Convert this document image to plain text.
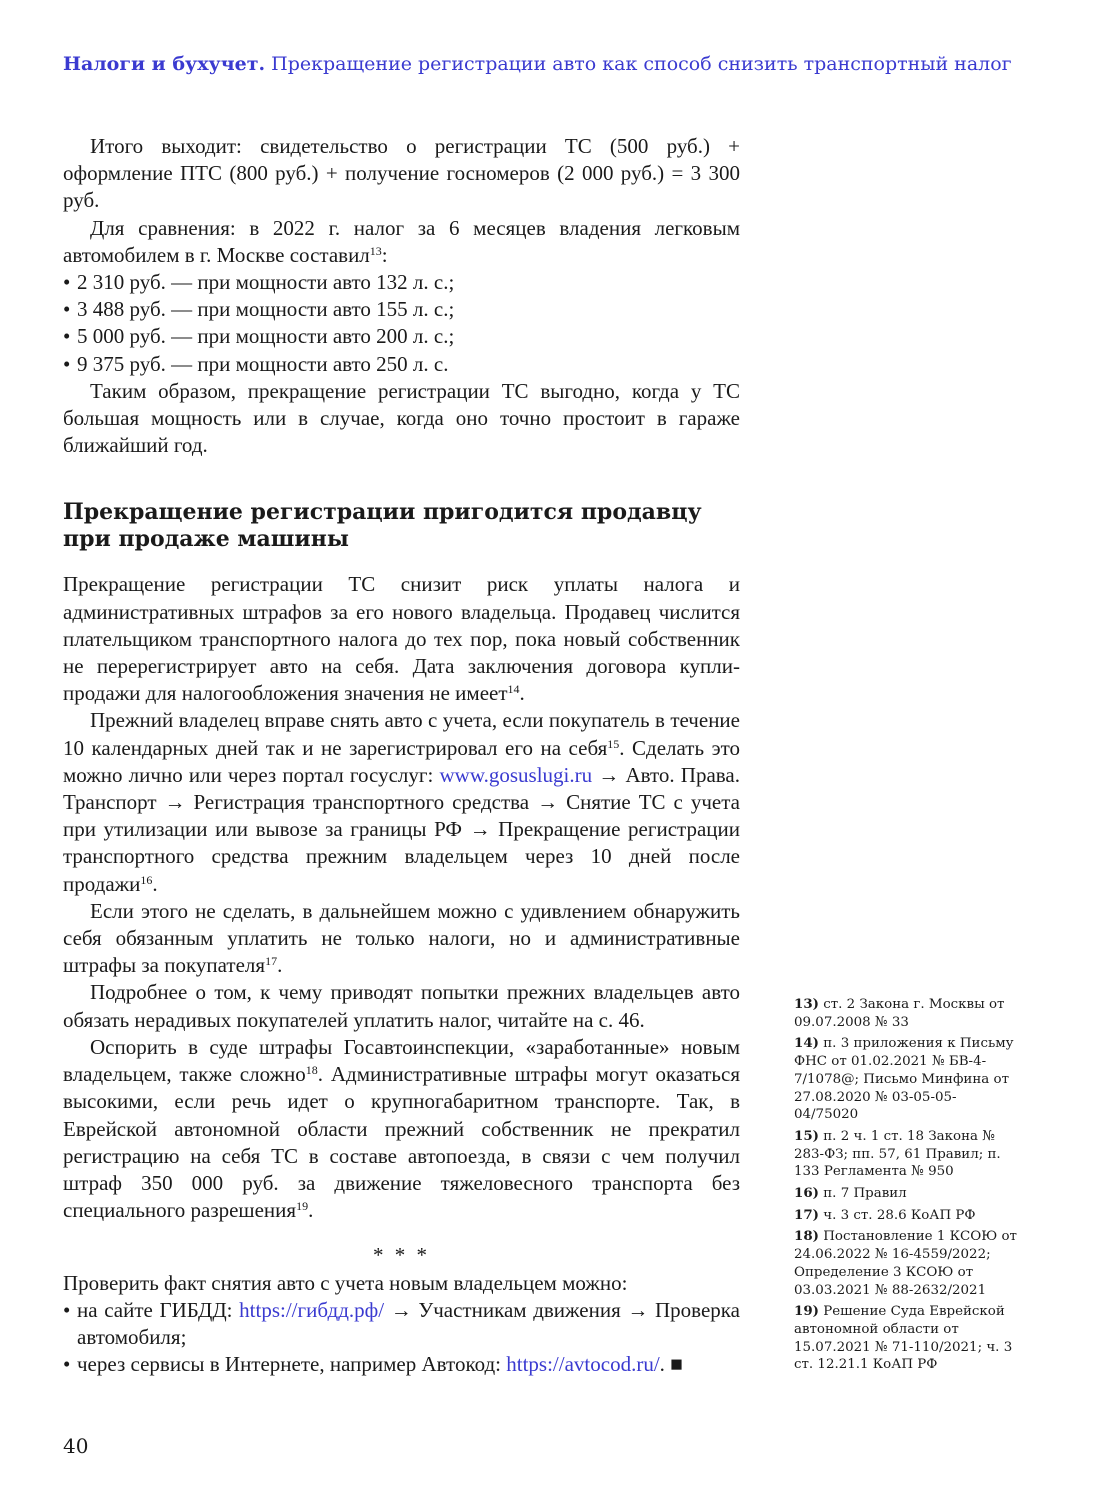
Налоги и бухучет. Прекращение регистрации авто как способ снизить транспортный налог

Итого выходит: свидетельство о регистрации ТС (500 руб.) + оформление ПТС (800 руб.) + получение госномеров (2 000 руб.) = 3 300 руб.

Для сравнения: в 2022 г. налог за 6 месяцев владения легковым автомобилем в г. Москве составил$^{13}$:

• 2 310 руб. — при мощности авто 132 л. с.;
• 3 488 руб. — при мощности авто 155 л. с.;
• 5 000 руб. — при мощности авто 200 л. с.;
• 9 375 руб. — при мощности авто 250 л. с.

Таким образом, прекращение регистрации ТС выгодно, когда у ТС большая мощность или в случае, когда оно точно простоит в гараже ближайший год.

Прекращение регистрации пригодится продавцу при продаже машины

Прекращение регистрации ТС снизит риск уплаты налога и административных штрафов за его нового владельца. Продавец числится плательщиком транспортного налога до тех пор, пока новый собственник не перерегистрирует авто на себя. Дата заключения договора купли-продажи для налогообложения значения не имеет$^{14}$.

Прежний владелец вправе снять авто с учета, если покупатель в течение 10 календарных дней так и не зарегистрировал его на себя$^{15}$. Сделать это можно лично или через портал госуслуг: www.gosuslugi.ru → Авто. Права. Транспорт → Регистрация транспортного средства → Снятие ТС с учета при утилизации или вывозе за границы РФ → Прекращение регистрации транспортного средства прежним владельцем через 10 дней после продажи$^{16}$.

Если этого не сделать, в дальнейшем можно с удивлением обнаружить себя обязанным уплатить не только налоги, но и административные штрафы за покупателя$^{17}$.

Подробнее о том, к чему приводят попытки прежних владельцев авто обязать нерадивых покупателей уплатить налог, читайте на с. 46.

Оспорить в суде штрафы Госавтоинспекции, «заработанные» новым владельцем, также сложно$^{18}$. Административные штрафы могут оказаться высокими, если речь идет о крупногабаритном транспорте. Так, в Еврейской автономной области прежний собственник не прекратил регистрацию на себя ТС в составе автопоезда, в связи с чем получил штраф 350 000 руб. за движение тяжеловесного транспорта без специального разрешения$^{19}$.

* * *

Проверить факт снятия авто с учета новым владельцем можно:

• на сайте ГИБДД: https://гибдд.рф/ → Участникам движения → Проверка автомобиля;
• через сервисы в Интернете, например Автокод: https://avtocod.ru/. ■
13) ст. 2 Закона г. Москвы от 09.07.2008 № 33
14) п. 3 приложения к Письму ФНС от 01.02.2021 № БВ-4-7/1078@; Письмо Минфина от 27.08.2020 № 03-05-05-04/75020
15) п. 2 ч. 1 ст. 18 Закона № 283-ФЗ; пп. 57, 61 Правил; п. 133 Регламента № 950
16) п. 7 Правил
17) ч. 3 ст. 28.6 КоАП РФ
18) Постановление 1 КСОЮ от 24.06.2022 № 16-4559/2022; Определение 3 КСОЮ от 03.03.2021 № 88-2632/2021
19) Решение Суда Еврейской автономной области от 15.07.2021 № 71-110/2021; ч. 3 ст. 12.21.1 КоАП РФ
40
